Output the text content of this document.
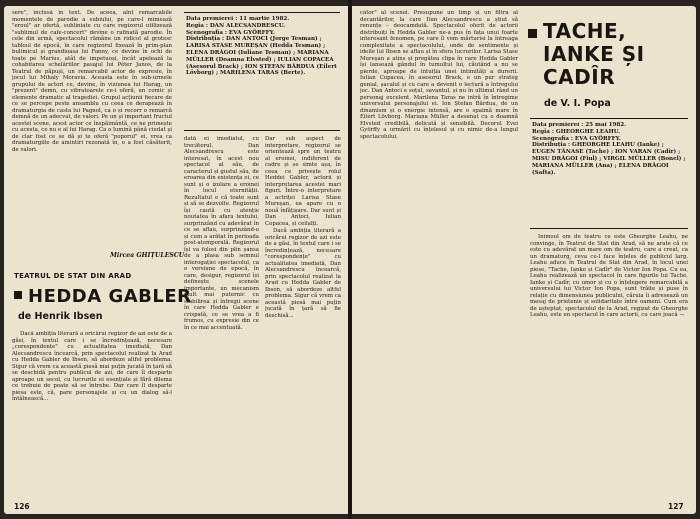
sere", inclusă în text. De aceea, alnt remarcabile momentele de parodie a subiului, pe care-l mimează "eroul" ar ofertă, subliniate cu care regizorul utilizează "sublimul de cafe-concert" devine o rafinată parodie. În cele din urmă, spectacolul rămâne un ridicol al grotesc tabloul de epocă, în care regizorul fixează în prim-plan bulimicul și grandioasa lui Fanny, ce devine în ochi de toate pe Marius, atât de impetuoși, încât apelează la cohabitarea schelăriilor pasajul lui Péter Janos, de la Teatrul de păpuși, un remarcabil actor de expresie, în jocul lui Mihaly Moravia. Aceasta este în sub-urmele grupului de actori ce, devine, în viziunea lui Harag, un "prezent" demn, cu vibratoarele ce-i oferă, un comic și elemente dramatic al tragediei. Grupul acțiunii fiecare de ce se percepe peste ansamblu cu ceea ce derapează în dramaturgia de casta lui Pagnol, ca o și recorr o remarcă demnă de un adecvat, de valori. Pe un și important fructul acestei scene, acest actor ce înspăimântă, ce ne primește cu acesta, ce nu e al lui Harag. Ca o lumină până ciudat și de clar fost ce se dă și te oferă "poporul" ei, vrea ca dramaturgiile de amintiri rezonată în, o a fost căsătorit, de valori.

Mircea GHIȚULESCU
TEATRUL DE STAT DIN ARAD
HEDDA GABLER
de Henrik Ibsen

Dacă ambiția literară a oricărui regizor de azi este de a găsi, în textul care i se încredințează, necesare „corespondențe" cu actualitatea imediată, Dan Alecsandrescu încearcă, prin spectacolul realizat la Arad cu Hedda Gabler de Ibsen, să abordeze altfel problema. Sigur că vrem ca această piesă mai puțin jucată în țară să se deschidă pentru publicul de azi, de care îl desparte aproape un secol, cu lucrurile ei esențiale și fără dilema ce trebuie de poate să se întrebe. Dar care îl desparte piesa este, că, pare personajele și cu un dialog să-l întâlnească...

126
Data premierei : 11 martie 1982.
Regia : DAN ALECSANDRESCU.
Scenografia : EVA GYÖRFFY.
Distribuția : DAN ANTOCI (Jorge Tesman) ; LARISA STASE MUREȘAN (Hedda Tesman) ; ELENA DRĂGOI (Iuliane Tesman) ; MARIANA MÜLLER (Doamna Elvsted) ; IULIAN COPACEA (Asesorul Brack) ; ION ȘTEFAN BĂRDUA (Eilert Lövborg) ; MARILENA TARAS (Berte).

dată ei imediatul, cu trecătorul. Dan Alecsandrescu este interesat, în acest nou spectacol al său, de caracterul și gustul său, de eroarea din existența ei, ce sunt și o izolare a eroinei în locul eternității. Rezultatul e că toate sunt și să se dezvolte. Regizorul își caută cu atenție noutatea în afara textului, surprinzând cu adevărat în ce se aflau, surprinzând-o și cum a arătat în perioada post-atemporală. Regizorul își va folosi din plin șansa de a plasa sub semnul interogației spectacolul, ca o versiune de epocă, în care, desigur, regizorul își definește scenele importante, un mecanism mult mai puternic cu stabilirea și întregii scene în care Hedda Gabler e crispată, ce se vrea a fi frumos, cu expresie din ce în ce mai accentuată.

Dar sub aspect de interpretare, regizorul se orientează spre un teatru al eroinei, indiferent de cadre și se simte așa, în ceea ce privește rolul Heddei Gabler, actorii și interpretarea acestei mari figuri. Între-o interpretare a actriței Larisa Stase Mureșan, ea apare cu o nouă înfățișare. Dar sunt și Dan Antoci, Iulian Copacea, și ceilalți.

Dacă ambiția literară a oricărui regizor de azi este de a găsi, în textul care i se încredințează, necesare "corespondențe" cu actualitatea imediată, Dan Alecsandrescu încearcă, prin spectacolul realizat la Arad cu Hedda Gabler de Ibsen, să abordeze altfel problema. Sigur că vrem ca această piesă mai puțin jucată în țară să fie deschisă...

câtor" al scenei. Presupune un timp și un filtru al decantărilor, la care Dan Alecsandrescu a știut să renunțe – deocamdată. Spectacolul oferit de actorii distribuiți în Hedda Gabler ne-a pus în fața unui foarte interesant fenomen, pe care îl vom mărturisi la întreaga complexitate a spectacolului, unde de sentimente și ideile lui Ibsen se aflau și în sfera lucrurilor. Larisa Stase Mureșan a atins și pregătea clipa în care Hedda Gabler își lansează gândul în tumultul lui, căutând a nu se pierde, aproape de intuiția unei intimități a durerii. Iulian Copacea, în asesorul Brack, e un pur strateg genial, șacalul și cu care a devenit o lectură a întregului joc. Dan Antoci e soțul, savantul, și nu în ultimul rând un personaj excelent. Marilena Taras ne intră în întregime universului personajului ei. Ion Ștefan Bărdua, de un dinamism și o energie intensă, are o spaimă mare în Eilert Lövborg. Mariana Müller a desenat cu o doamnă Elvsted credibilă, delicată și sensibilă. Decorul Evei Györffy a urmărit cu înțelesul și cu nimic de-a lungul spectacolului.

TACHE,
IANKE ȘI
CADÎR
de V. I. Popa
Data premierei : 25 mai 1982.
Regia : GHEORGHE LEAHU.
Scenografia : EVA GYÖRFFY.
Distribuția : GHEORGHE LEAHU (Ianke) ; EUGEN TĂNASE (Tache) ; ION VARAN (Cadîr) ; MISU DRĂGOI (Fiul) ; VIRGIL MÜLLER (Bonel) ; MARIANA MÜLLER (Ana) ; ELENA DRĂGOI (Safta).

Înimoul om de teatru ce este Gheorghe Leahu, ne convinge, în Teatrul de Stat din Arad, să ne arate că ce este cu adevărat un mare om de teatru, care a creat, ca un dramaturg, ceva ce-l face înțeles de publicul larg. Leahu aduce în Teatrul de Stat din Arad, în locul unei piese, "Tache, Ianke și Cadîr" de Victor Ion Popa. Cu ea, Leahu realizează un spectacol în care figurile lui Tache, Ianke și Cadîr, cu umor și cu o înțelegere remarcabilă a universului lui Victor Ion Popa, sunt trăite și puse în relație cu dimensiunea publicului, căruia îi adresează un mesaj de prietenie și solidaritate între oameni. Cum era de așteptat, spectacolul de la Arad, regizat de Gheorghe Leahu, este un spectacol în care actorii, cu care joacă —

127
